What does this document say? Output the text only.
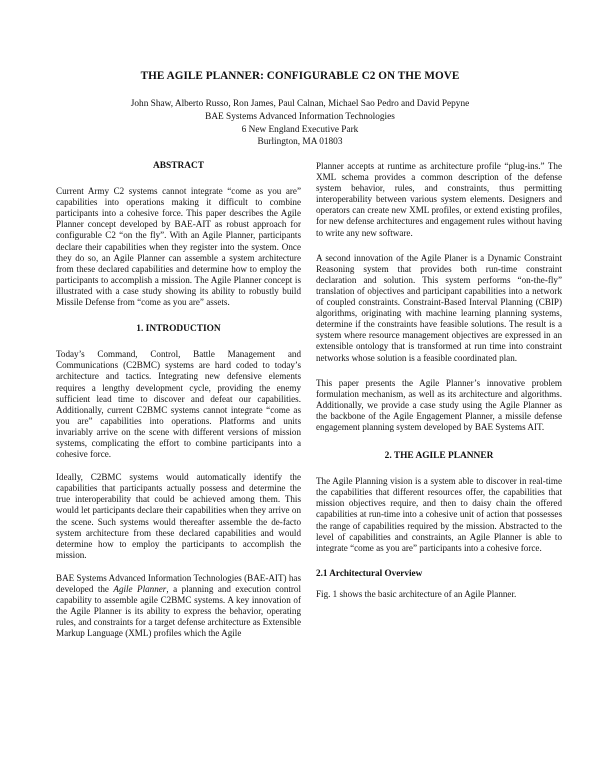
THE AGILE PLANNER: CONFIGURABLE C2 ON THE MOVE
John Shaw, Alberto Russo, Ron James, Paul Calnan, Michael Sao Pedro and David Pepyne
BAE Systems Advanced Information Technologies
6 New England Executive Park
Burlington, MA 01803
ABSTRACT

Current Army C2 systems cannot integrate “come as you are” capabilities into operations making it difficult to combine participants into a cohesive force. This paper describes the Agile Planner concept developed by BAE-AIT as robust approach for configurable C2 “on the fly”. With an Agile Planner, participants declare their capabilities when they register into the system. Once they do so, an Agile Planner can assemble a system architecture from these declared capabilities and determine how to employ the participants to accomplish a mission. The Agile Planner concept is illustrated with a case study showing its ability to robustly build Missile Defense from “come as you are” assets.

1. INTRODUCTION

Today’s Command, Control, Battle Management and Communications (C2BMC) systems are hard coded to today’s architecture and tactics. Integrating new defensive elements requires a lengthy development cycle, providing the enemy sufficient lead time to discover and defeat our capabilities. Additionally, current C2BMC systems cannot integrate “come as you are” capabilities into operations. Platforms and units invariably arrive on the scene with different versions of mission systems, complicating the effort to combine participants into a cohesive force.

Ideally, C2BMC systems would automatically identify the capabilities that participants actually possess and determine the true interoperability that could be achieved among them. This would let participants declare their capabilities when they arrive on the scene. Such systems would thereafter assemble the de-facto system architecture from these declared capabilities and would determine how to employ the participants to accomplish the mission.

BAE Systems Advanced Information Technologies (BAE-AIT) has developed the Agile Planner, a planning and execution control capability to assemble agile C2BMC systems. A key innovation of the Agile Planner is its ability to express the behavior, operating rules, and constraints for a target defense architecture as Extensible Markup Language (XML) profiles which the Agile

Planner accepts at runtime as architecture profile “plug-ins.” The XML schema provides a common description of the defense system behavior, rules, and constraints, thus permitting interoperability between various system elements. Designers and operators can create new XML profiles, or extend existing profiles, for new defense architectures and engagement rules without having to write any new software.

A second innovation of the Agile Planer is a Dynamic Constraint Reasoning system that provides both run-time constraint declaration and solution. This system performs “on-the-fly” translation of objectives and participant capabilities into a network of coupled constraints. Constraint-Based Interval Planning (CBIP) algorithms, originating with machine learning planning systems, determine if the constraints have feasible solutions. The result is a system where resource management objectives are expressed in an extensible ontology that is transformed at run time into constraint networks whose solution is a feasible coordinated plan.

This paper presents the Agile Planner’s innovative problem formulation mechanism, as well as its architecture and algorithms. Additionally, we provide a case study using the Agile Planner as the backbone of the Agile Engagement Planner, a missile defense engagement planning system developed by BAE Systems AIT.

2. THE AGILE PLANNER

The Agile Planning vision is a system able to discover in real-time the capabilities that different resources offer, the capabilities that mission objectives require, and then to daisy chain the offered capabilities at run-time into a cohesive unit of action that possesses the range of capabilities required by the mission. Abstracted to the level of capabilities and constraints, an Agile Planner is able to integrate “come as you are” participants into a cohesive force.

2.1 Architectural Overview

Fig. 1 shows the basic architecture of an Agile Planner.
